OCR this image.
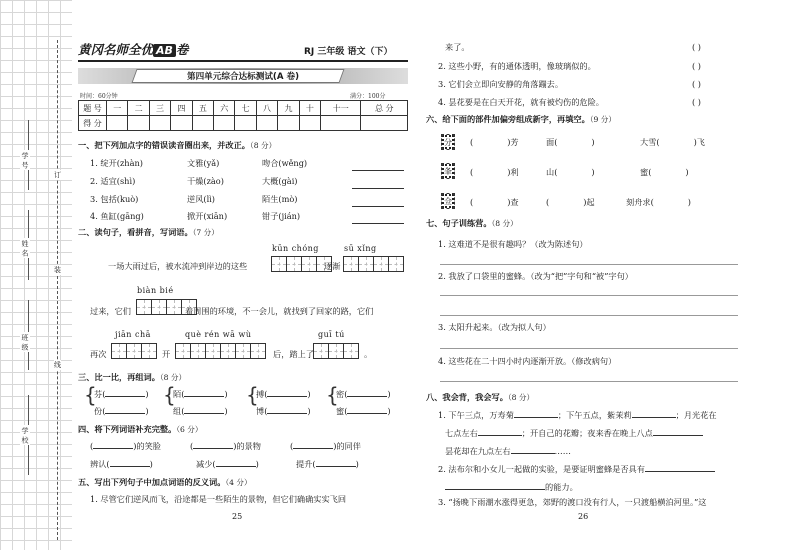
学 号
姓 名
班 级
学 校
订
装
线
黄冈名师全优 AB 卷	RJ 三年级 语文（下）
第四单元综合达标测试(A 卷)
时间：60分钟	满分：100分
题 号	一	二	三	四	五	六	七	八	九	十	十一	总 分
得 分												
一、把下列加点字的错误读音圈出来，并改正。（8 分）
1. 绽开(zhàn)	文雅(yǎ)	吻合(wěng)
2. 适宜(shì)	干燥(zào)	大概(gài)
3. 包括(kuò)	逆风(lì)	陌生(mò)
4. 鱼缸(gāng)	掀开(xiān)	钳子(jián)
二、读句子，看拼音，写词语。（7 分）
kūn chóng	sū xǐng
一场大雨过后，被水流冲到岸边的这些	逐渐
biàn bié
过来，它们	着周围的环境，不一会儿，就找到了回家的路，它们
jiān chā	què rén wā wù	guī tú
再次	开	后，踏上了	。
三、比一比，再组词。（8 分）
{
芬(	)
份(	)
{
陌(	)
组(	)
{
搏(	)
博(	)
{
密(	)
蜜(	)
四、将下列词语补充完整。（6 分）
(	)的笑脸	(	)的景物	(	)的同伴
辨认(	)	减少(	)	提升(	)
五、写出下列句子中加点词语的反义词。（4 分）
1. 尽管它们逆风而飞，沿途都是一些陌生的景物，但它们确确实实飞回
25
来了。	( )
2. 这些小野，有的通体透明，像玻璃似的。	( )
3. 它们会立即向安静的角落蹦去。	( )
4. 昙花要是在白天开花，就有被灼伤的危险。	( )
六、给下面的部件加偏旁组成新字，再填空。（9 分）
分 (	)芳	面(	)	大雪(	)飞
夆 (	)利	山(	)	蜜(	)
佥 (	)查	(	)起	刻舟求(	)
七、句子训练营。（8 分）
1. 这难道不是很有趣吗？（改为陈述句）
2. 我放了口袋里的蜜蜂。（改为“把”字句和“被”字句）
3. 太阳升起来。（改为拟人句）
4. 这些花在二十四小时内逐渐开放。（修改病句）
八、我会背，我会写。（8 分）
1. 下午三点，万寿菊	；下午五点，紫茉莉	；月光花在
七点左右	；开自己的花瓣；夜来香在晚上八点
昙花却在九点左右	……
2. 法布尔和小女儿一起做的实验，是要证明蜜蜂是否具有
的能力。
3. “扬晚下雨潮水涨得更急，郊野的渡口没有行人，一只渡船横泊河里。”这
26
